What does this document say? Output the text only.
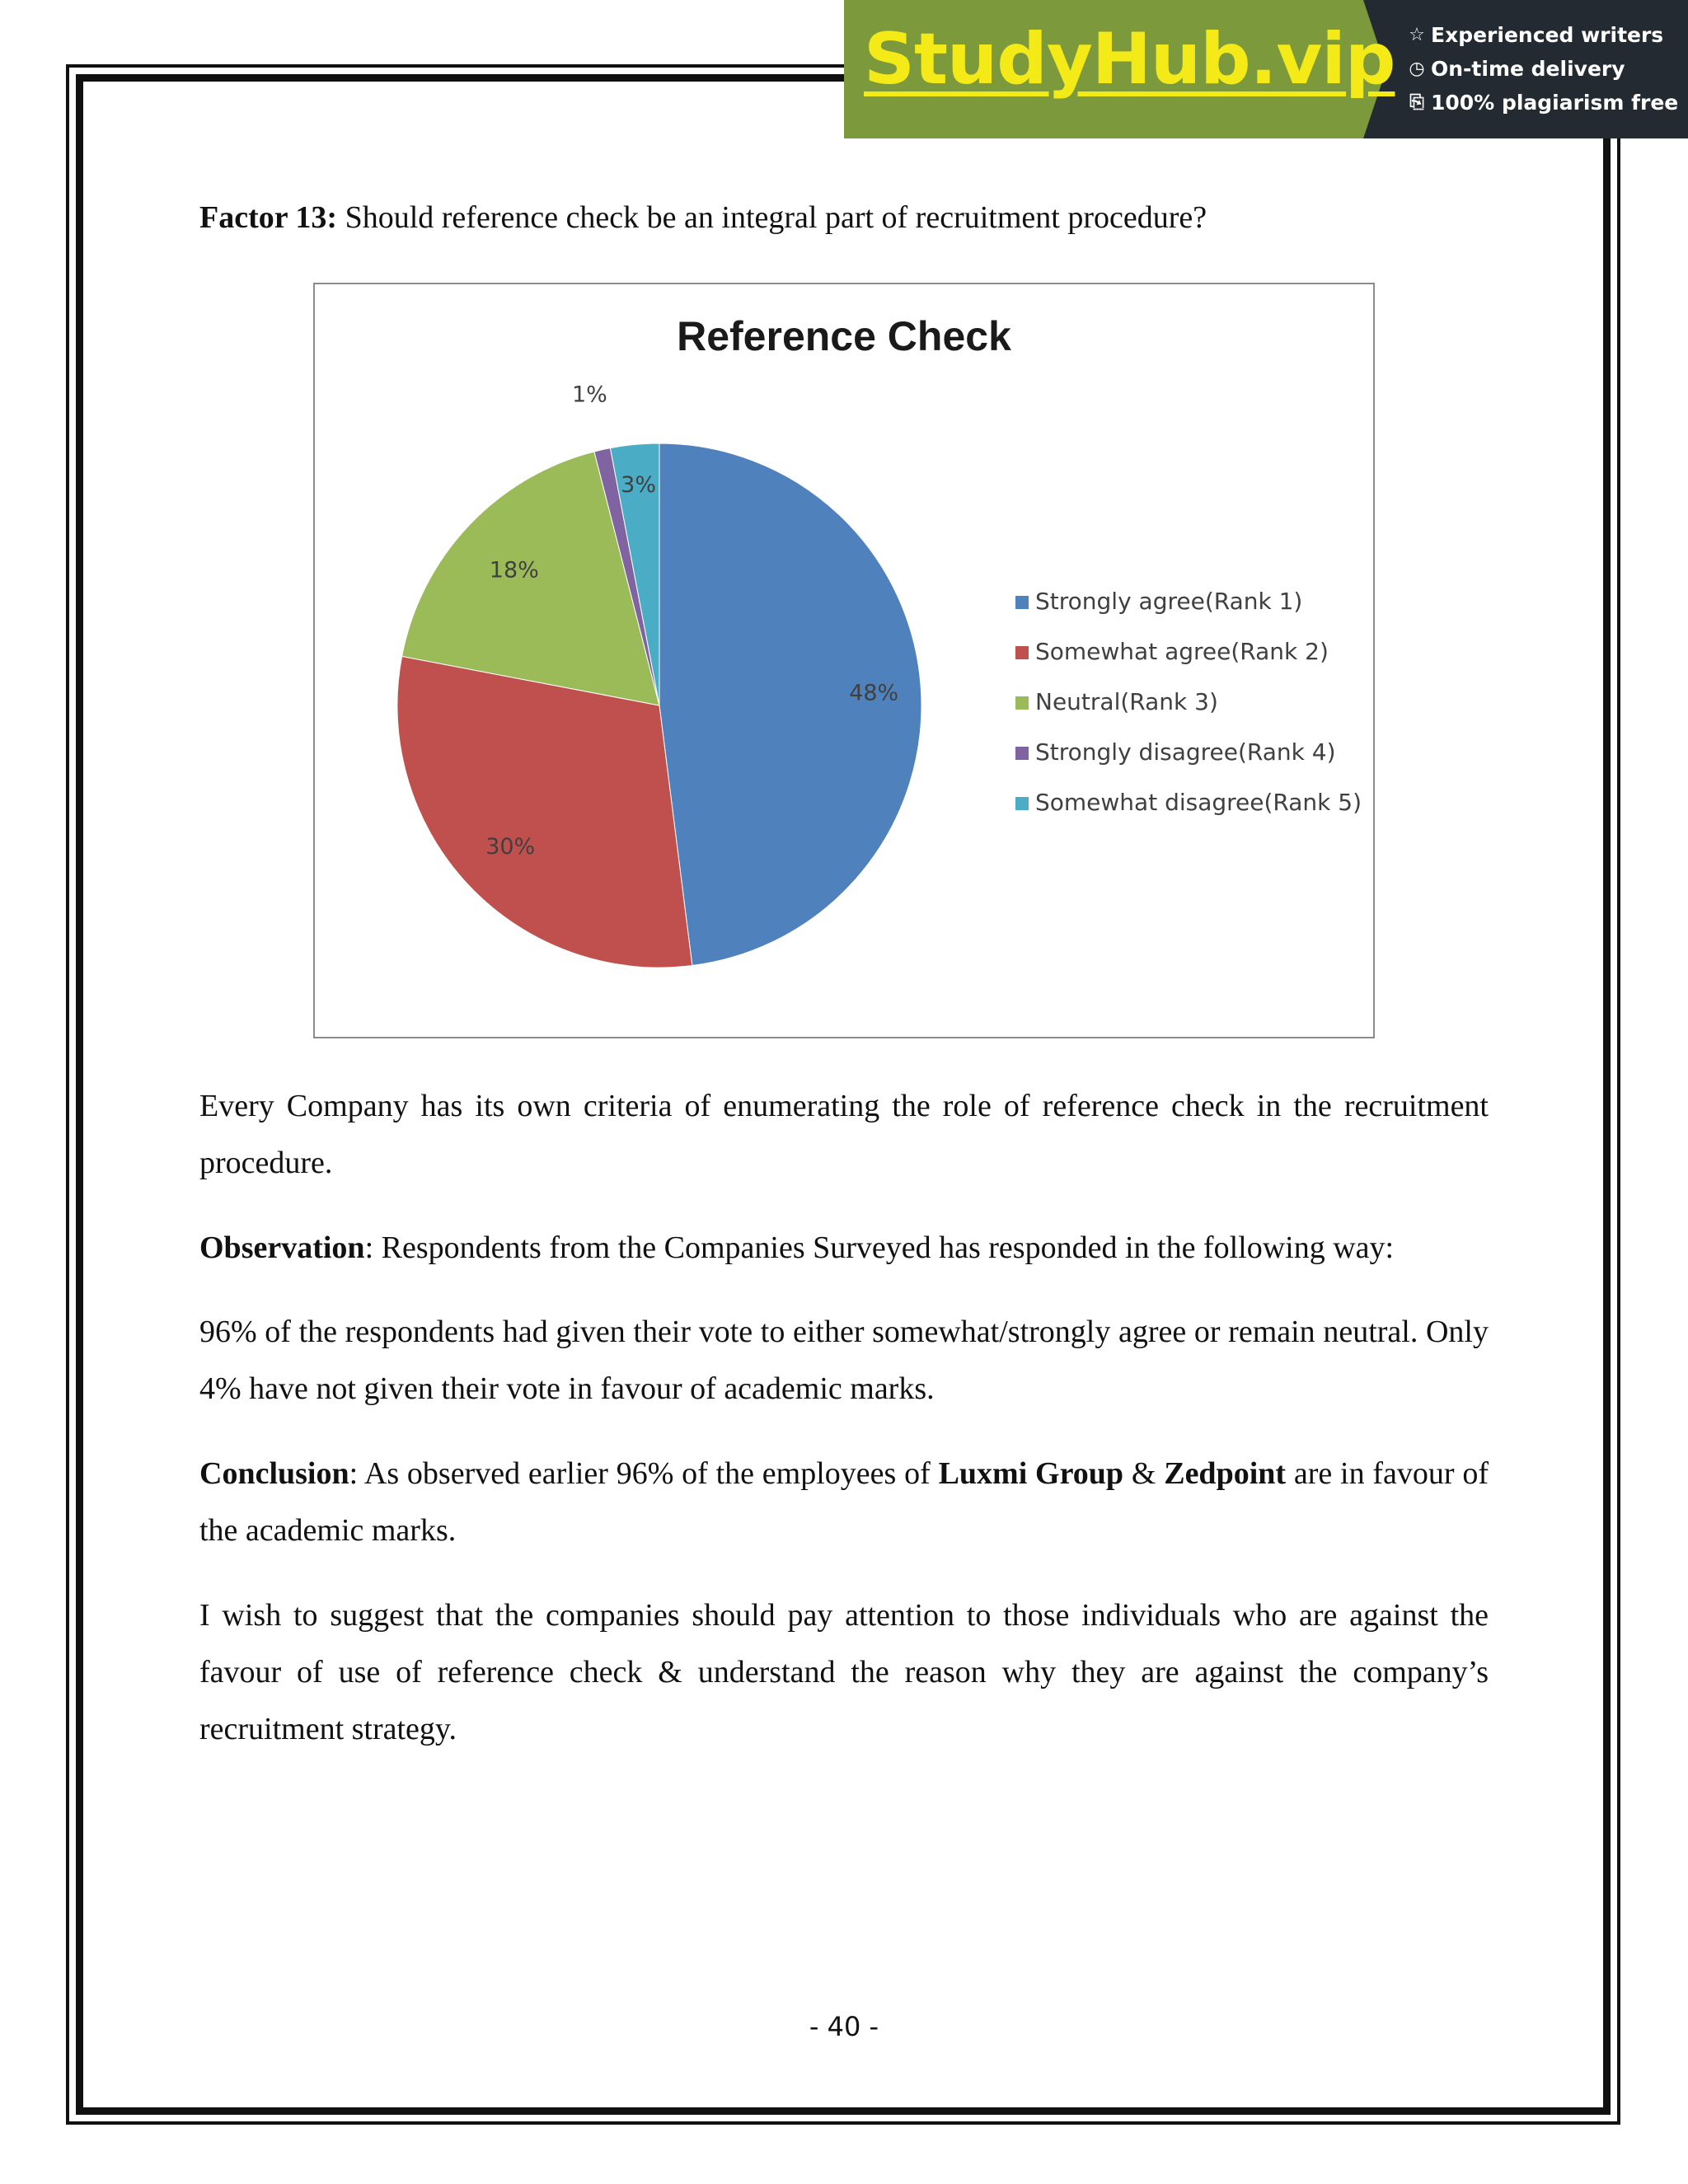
StudyHub.vip ☆ Experienced writers
◷ On-time delivery
⎘ 100% plagiarism free
Factor 13: Should reference check be an integral part of recruitment procedure?
Reference Check
48%
30%
18%
1%
3%
Strongly agree(Rank 1)
Somewhat agree(Rank 2)
Neutral(Rank 3)
Strongly disagree(Rank 4)
Somewhat disagree(Rank 5)

Every Company has its own criteria of enumerating the role of reference check in the recruitment procedure.

Observation: Respondents from the Companies Surveyed has responded in the following way:

96% of the respondents had given their vote to either somewhat/strongly agree or remain neutral. Only 4% have not given their vote in favour of academic marks.

Conclusion: As observed earlier 96% of the employees of Luxmi Group & Zedpoint are in favour of the academic marks.

I wish to suggest that the companies should pay attention to those individuals who are against the favour of use of reference check & understand the reason why they are against the company’s recruitment strategy.

- 40 -
